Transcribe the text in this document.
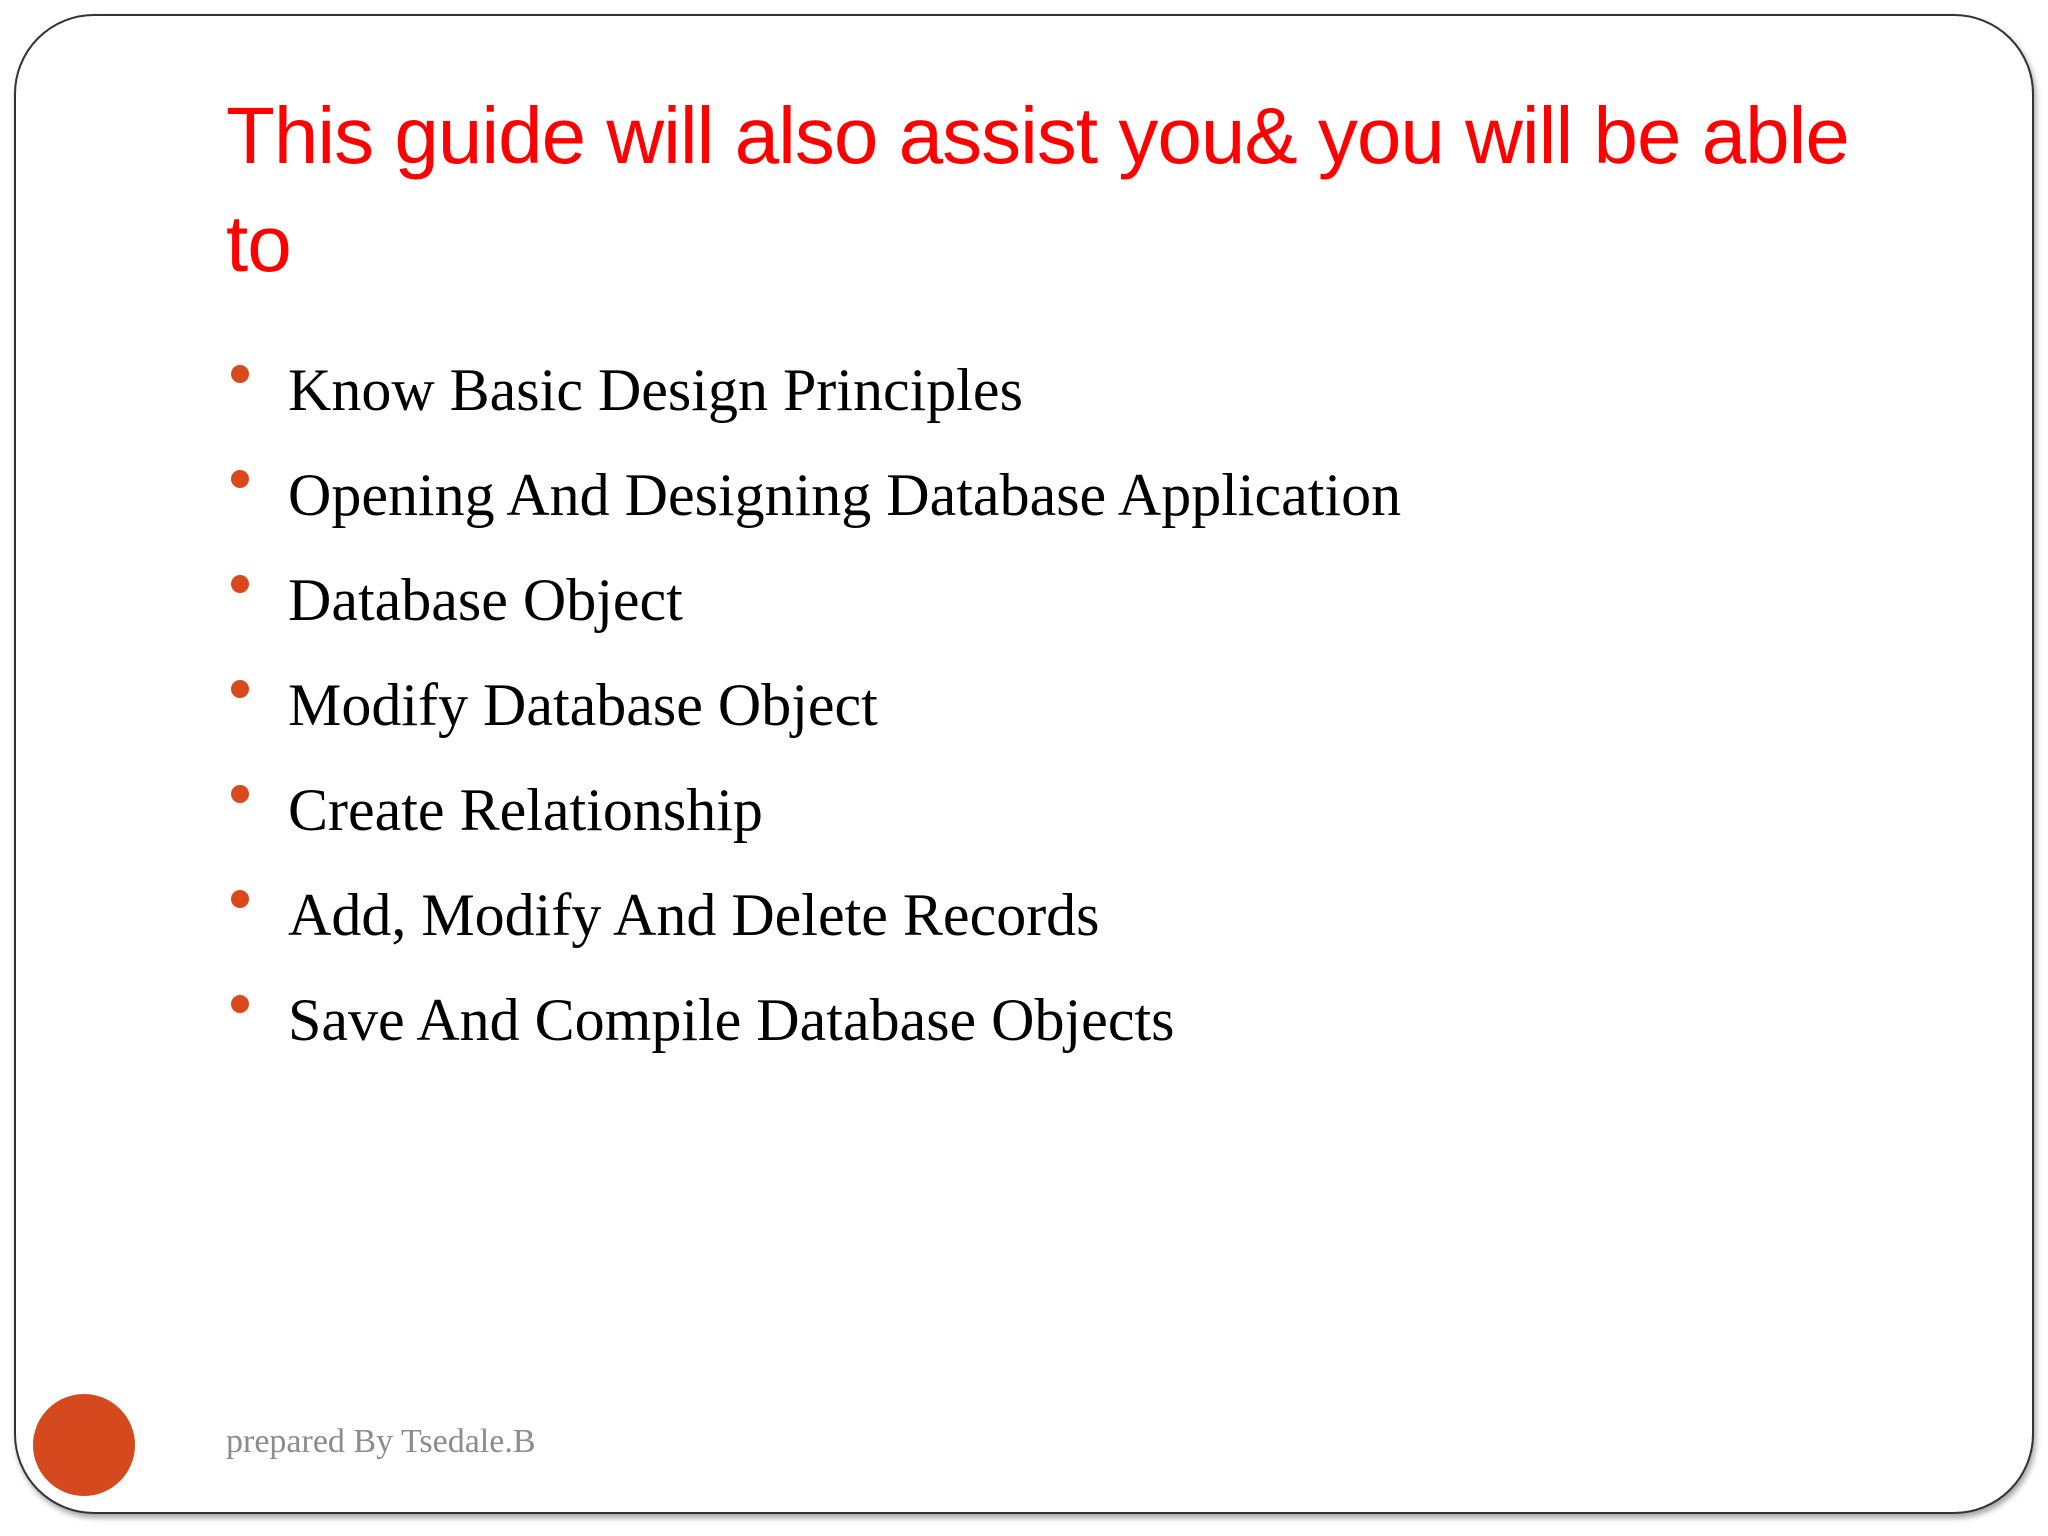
This guide will also assist you& you will be able to
Know Basic Design Principles
Opening And Designing Database Application
Database Object
Modify Database Object
Create Relationship
Add, Modify And Delete Records
Save And Compile Database Objects
prepared By Tsedale.B
